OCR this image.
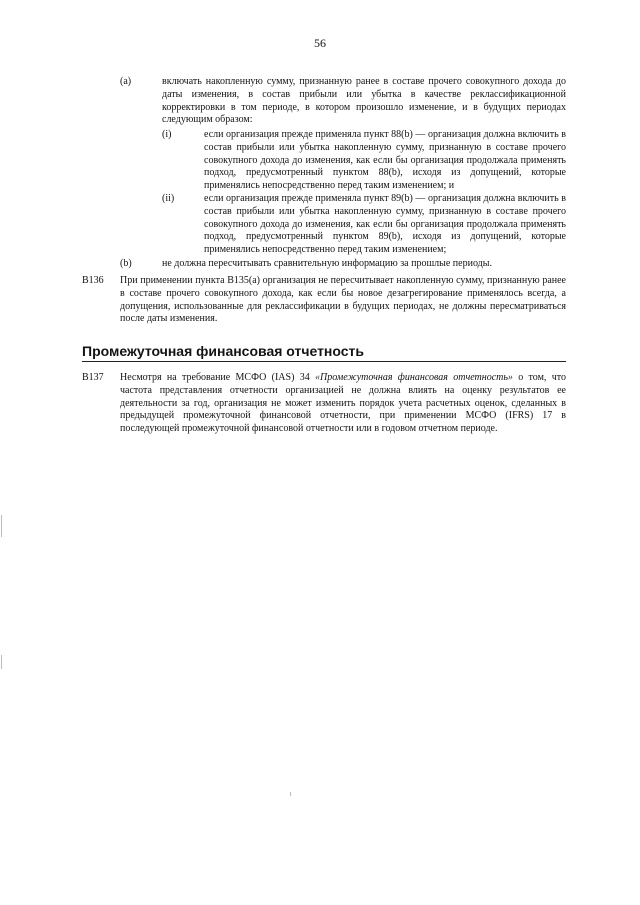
56
(a)	включать накопленную сумму, признанную ранее в составе прочего совокупного дохода до даты изменения, в состав прибыли или убытка в качестве реклассификационной корректировки в том периоде, в котором произошло изменение, и в будущих периодах следующим образом:
(i)	если организация прежде применяла пункт 88(b) — организация должна включить в состав прибыли или убытка накопленную сумму, признанную в составе прочего совокупного дохода до изменения, как если бы организация продолжала применять подход, предусмотренный пунктом 88(b), исходя из допущений, которые применялись непосредственно перед таким изменением; и
(ii)	если организация прежде применяла пункт 89(b) — организация должна включить в состав прибыли или убытка накопленную сумму, признанную в составе прочего совокупного дохода до изменения, как если бы организация продолжала применять подход, предусмотренный пунктом 89(b), исходя из допущений, которые применялись непосредственно перед таким изменением;
(b)	не должна пересчитывать сравнительную информацию за прошлые периоды.
B136 При применении пункта B135(a) организация не пересчитывает накопленную сумму, признанную ранее в составе прочего совокупного дохода, как если бы новое дезагрегирование применялось всегда, а допущения, использованные для реклассификации в будущих периодах, не должны пересматриваться после даты изменения.
Промежуточная финансовая отчетность
B137 Несмотря на требование МСФО (IAS) 34 «Промежуточная финансовая отчетность» о том, что частота представления отчетности организацией не должна влиять на оценку результатов ее деятельности за год, организация не может изменить порядок учета расчетных оценок, сделанных в предыдущей промежуточной финансовой отчетности, при применении МСФО (IFRS) 17 в последующей промежуточной финансовой отчетности или в годовом отчетном периоде.
